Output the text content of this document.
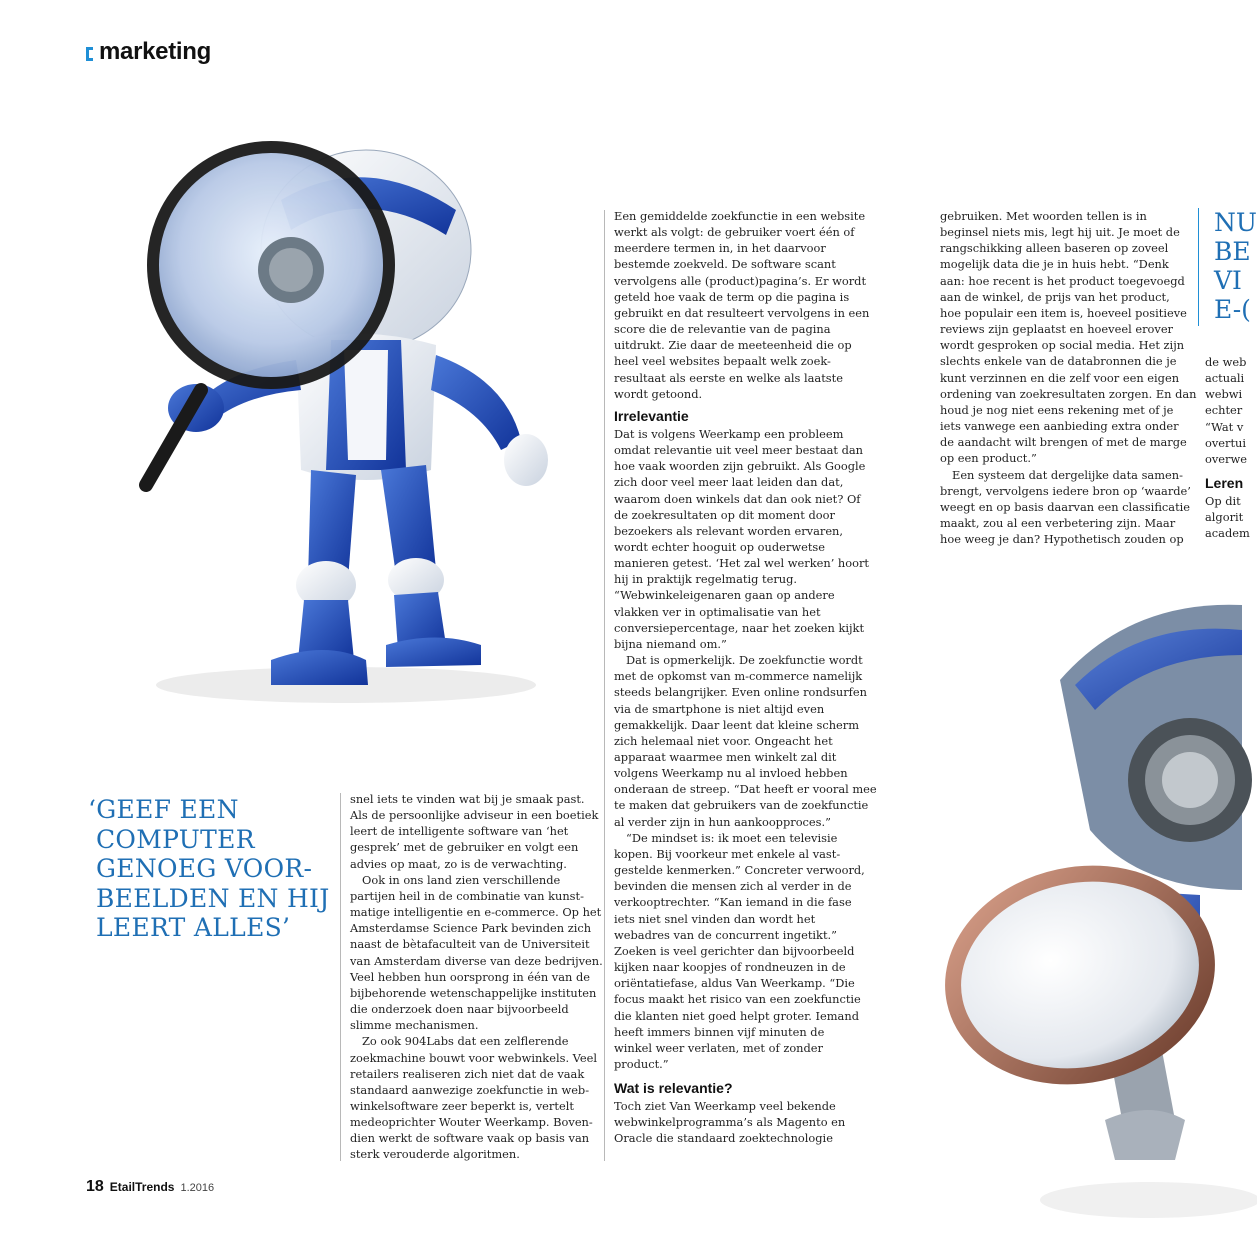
marketing
‘GEEF EEN
COMPUTER
GENOEG VOOR-
BEELDEN EN HIJ
LEERT ALLES’
snel iets te vinden wat bij je smaak past.
Als de persoonlijke adviseur in een boetiek
leert de intelligente software van ‘het
gesprek’ met de gebruiker en volgt een
advies op maat, zo is de verwachting.
Ook in ons land zien verschillende
partijen heil in de combinatie van kunst-
matige intelligentie en e-commerce. Op het
Amsterdamse Science Park bevinden zich
naast de bètafaculteit van de Universiteit
van Amsterdam diverse van deze bedrijven.
Veel hebben hun oorsprong in één van de
bijbehorende wetenschappelijke instituten
die onderzoek doen naar bijvoorbeeld
slimme mechanismen.
Zo ook 904Labs dat een zelflerende
zoekmachine bouwt voor webwinkels. Veel
retailers realiseren zich niet dat de vaak
standaard aanwezige zoekfunctie in web-
winkelsoftware zeer beperkt is, vertelt
medeoprichter Wouter Weerkamp. Boven-
dien werkt de software vaak op basis van
sterk verouderde algoritmen.
Een gemiddelde zoekfunctie in een website
werkt als volgt: de gebruiker voert één of
meerdere termen in, in het daarvoor
bestemde zoekveld. De software scant
vervolgens alle (product)pagina’s. Er wordt
geteld hoe vaak de term op die pagina is
gebruikt en dat resulteert vervolgens in een
score die de relevantie van de pagina
uitdrukt. Zie daar de meeteenheid die op
heel veel websites bepaalt welk zoek-
resultaat als eerste en welke als laatste
wordt getoond.
Irrelevantie
Dat is volgens Weerkamp een probleem
omdat relevantie uit veel meer bestaat dan
hoe vaak woorden zijn gebruikt. Als Google
zich door veel meer laat leiden dan dat,
waarom doen winkels dat dan ook niet? Of
de zoekresultaten op dit moment door
bezoekers als relevant worden ervaren,
wordt echter hooguit op ouderwetse
manieren getest. ‘Het zal wel werken’ hoort
hij in praktijk regelmatig terug.
“Webwinkeleigenaren gaan op andere
vlakken ver in optimalisatie van het
conversiepercentage, naar het zoeken kijkt
bijna niemand om.”
Dat is opmerkelijk. De zoekfunctie wordt
met de opkomst van m-commerce namelijk
steeds belangrijker. Even online rondsurfen
via de smartphone is niet altijd even
gemakkelijk. Daar leent dat kleine scherm
zich helemaal niet voor. Ongeacht het
apparaat waarmee men winkelt zal dit
volgens Weerkamp nu al invloed hebben
onderaan de streep. “Dat heeft er vooral mee
te maken dat gebruikers van de zoekfunctie
al verder zijn in hun aankoopproces.”
“De mindset is: ik moet een televisie
kopen. Bij voorkeur met enkele al vast-
gestelde kenmerken.” Concreter verwoord,
bevinden die mensen zich al verder in de
verkooptrechter. “Kan iemand in die fase
iets niet snel vinden dan wordt het
webadres van de concurrent ingetikt.”
Zoeken is veel gerichter dan bijvoorbeeld
kijken naar koopjes of rondneuzen in de
oriëntatiefase, aldus Van Weerkamp. “Die
focus maakt het risico van een zoekfunctie
die klanten niet goed helpt groter. Iemand
heeft immers binnen vijf minuten de
winkel weer verlaten, met of zonder
product.”
Wat is relevantie?
Toch ziet Van Weerkamp veel bekende
webwinkelprogramma’s als Magento en
Oracle die standaard zoektechnologie
gebruiken. Met woorden tellen is in
beginsel niets mis, legt hij uit. Je moet de
rangschikking alleen baseren op zoveel
mogelijk data die je in huis hebt. “Denk
aan: hoe recent is het product toegevoegd
aan de winkel, de prijs van het product,
hoe populair een item is, hoeveel positieve
reviews zijn geplaatst en hoeveel erover
wordt gesproken op social media. Het zijn
slechts enkele van de databronnen die je
kunt verzinnen en die zelf voor een eigen
ordening van zoekresultaten zorgen. En dan
houd je nog niet eens rekening met of je
iets vanwege een aanbieding extra onder
de aandacht wilt brengen of met de marge
op een product.”
Een systeem dat dergelijke data samen-
brengt, vervolgens iedere bron op ‘waarde’
weegt en op basis daarvan een classificatie
maakt, zou al een verbetering zijn. Maar
hoe weeg je dan? Hypothetisch zouden op
NU
BE
VI
E-(
de web
actuali
webwi
echter
“Wat v
overtui
overwe
Leren
Op dit
algorit
academ
18 EtailTrends 1.2016
